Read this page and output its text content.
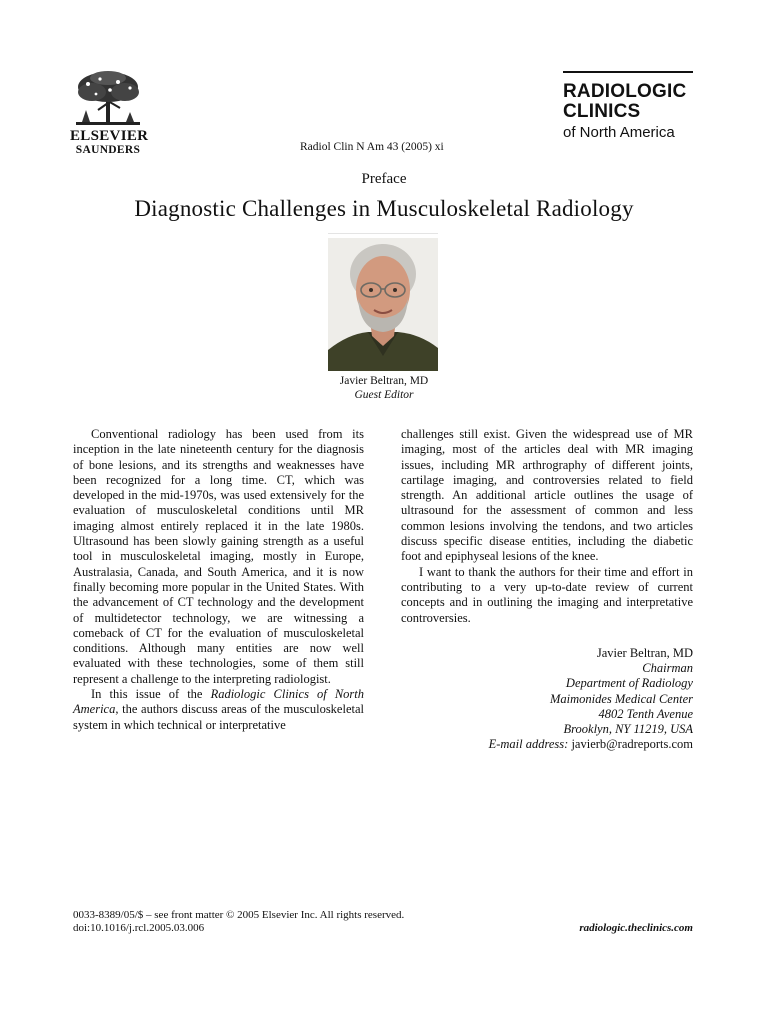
ELSEVIER
SAUNDERS
RADIOLOGIC
CLINICS
of North America
Radiol Clin N Am 43 (2005) xi
Preface
Diagnostic Challenges in Musculoskeletal Radiology
Javier Beltran, MD
Guest Editor

Conventional radiology has been used from its inception in the late nineteenth century for the diagnosis of bone lesions, and its strengths and weaknesses have been recognized for a long time. CT, which was developed in the mid-1970s, was used extensively for the evaluation of musculoskeletal conditions until MR imaging almost entirely replaced it in the late 1980s. Ultrasound has been slowly gaining strength as a useful tool in musculoskeletal imaging, mostly in Europe, Australasia, Canada, and South America, and it is now finally becoming more popular in the United States. With the advancement of CT technology and the development of multidetector technology, we are witnessing a comeback of CT for the evaluation of musculoskeletal conditions. Although many entities are now well evaluated with these technologies, some of them still represent a challenge to the interpreting radiologist.

In this issue of the Radiologic Clinics of North America, the authors discuss areas of the musculoskeletal system in which technical or interpretative

challenges still exist. Given the widespread use of MR imaging, most of the articles deal with MR imaging issues, including MR arthrography of different joints, cartilage imaging, and controversies related to field strength. An additional article outlines the usage of ultrasound for the assessment of common and less common lesions involving the tendons, and two articles discuss specific disease entities, including the diabetic foot and epiphyseal lesions of the knee.

I want to thank the authors for their time and effort in contributing to a very up-to-date review of current concepts and in outlining the imaging and interpretative controversies.

Javier Beltran, MD
Chairman
Department of Radiology
Maimonides Medical Center
4802 Tenth Avenue
Brooklyn, NY 11219, USA
E-mail address: javierb@radreports.com
0033-8389/05/$ – see front matter © 2005 Elsevier Inc. All rights reserved.
doi:10.1016/j.rcl.2005.03.006	radiologic.theclinics.com
